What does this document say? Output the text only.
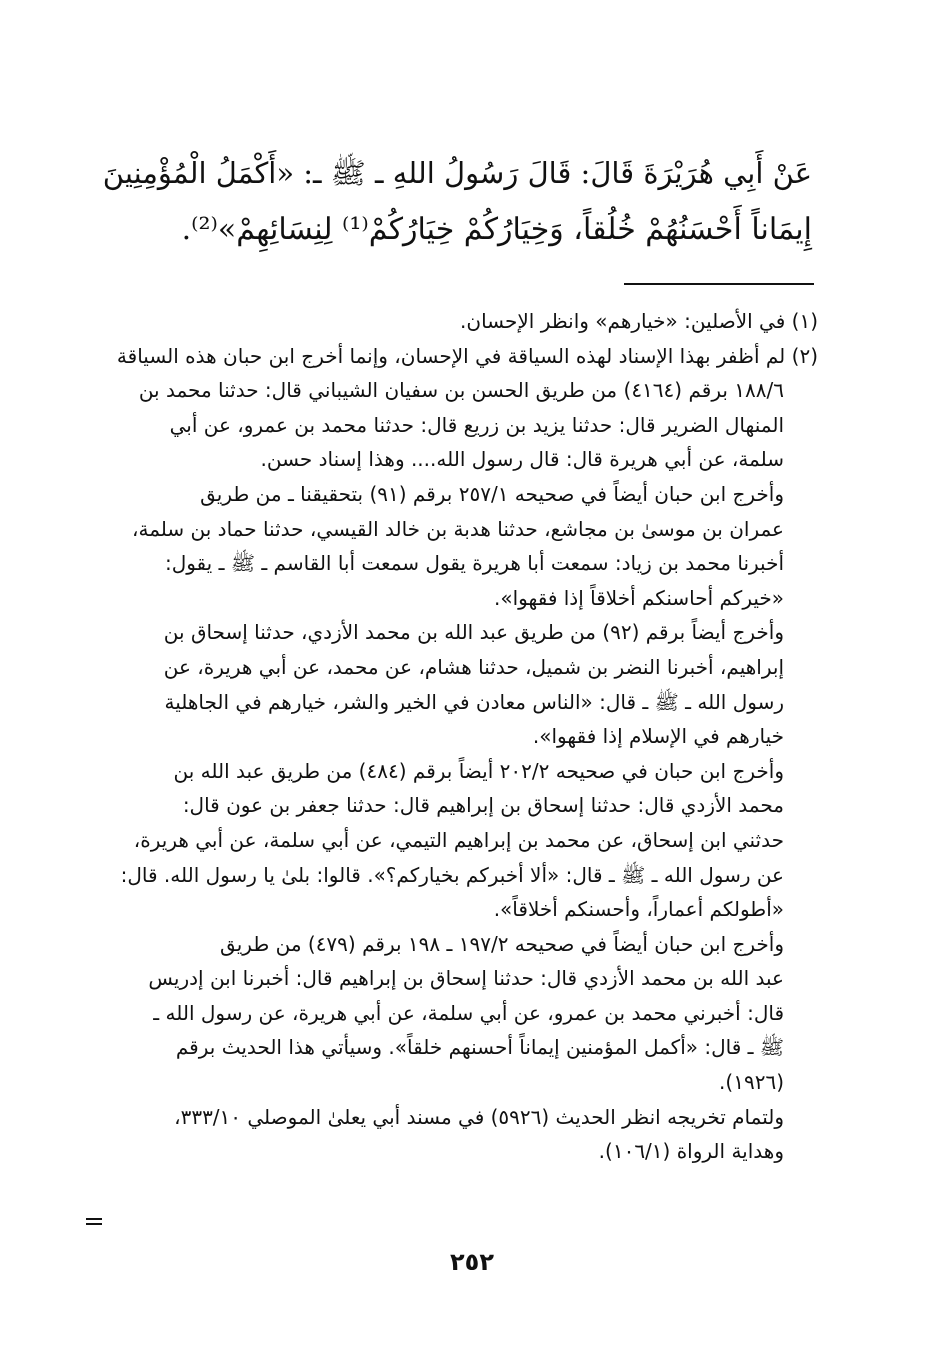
عَنْ أَبِي هُرَيْرَةَ قَالَ: قَالَ رَسُولُ اللهِ ـ ﷺ ـ: «أَكْمَلُ الْمُؤْمِنِينَ
إِيمَاناً أَحْسَنُهُمْ خُلُقاً، وَخِيَارُكُمْ خِيَارُكُمْ⁽¹⁾ لِنِسَائِهِمْ»⁽²⁾.
(١) في الأصلين: «خيارهم» وانظر الإحسان.
(٢) لم أظفر بهذا الإسناد لهذه السياقة في الإحسان، وإنما أخرج ابن حبان هذه السياقة
١٨٨/٦ برقم (٤١٦٤) من طريق الحسن بن سفيان الشيباني قال: حدثنا محمد بن
المنهال الضرير قال: حدثنا يزيد بن زريع قال: حدثنا محمد بن عمرو، عن أبي
سلمة، عن أبي هريرة قال: قال رسول الله.... وهذا إسناد حسن.
وأخرج ابن حبان أيضاً في صحيحه ٢٥٧/١ برقم (٩١) بتحقيقنا ـ من طريق
عمران بن موسىٰ بن مجاشع، حدثنا هدبة بن خالد القيسي، حدثنا حماد بن سلمة،
أخبرنا محمد بن زياد: سمعت أبا هريرة يقول سمعت أبا القاسم ـ ﷺ ـ يقول:
«خيركم أحاسنكم أخلاقاً إذا فقهوا».
وأخرج أيضاً برقم (٩٢) من طريق عبد الله بن محمد الأزدي، حدثنا إسحاق بن
إبراهيم، أخبرنا النضر بن شميل، حدثنا هشام، عن محمد، عن أبي هريرة، عن
رسول الله ـ ﷺ ـ قال: «الناس معادن في الخير والشر، خيارهم في الجاهلية
خيارهم في الإسلام إذا فقهوا».
وأخرج ابن حبان في صحيحه ٢٠٢/٢ أيضاً برقم (٤٨٤) من طريق عبد الله بن
محمد الأزدي قال: حدثنا إسحاق بن إبراهيم قال: حدثنا جعفر بن عون قال:
حدثني ابن إسحاق، عن محمد بن إبراهيم التيمي، عن أبي سلمة، عن أبي هريرة،
عن رسول الله ـ ﷺ ـ قال: «ألا أخبركم بخياركم؟». قالوا: بلىٰ يا رسول الله. قال:
«أطولكم أعماراً، وأحسنكم أخلاقاً».
وأخرج ابن حبان أيضاً في صحيحه ١٩٧/٢ ـ ١٩٨ برقم (٤٧٩) من طريق
عبد الله بن محمد الأزدي قال: حدثنا إسحاق بن إبراهيم قال: أخبرنا ابن إدريس
قال: أخبرني محمد بن عمرو، عن أبي سلمة، عن أبي هريرة، عن رسول الله ـ
ﷺ ـ قال: «أكمل المؤمنين إيماناً أحسنهم خلقاً». وسيأتي هذا الحديث برقم
(١٩٢٦).
ولتمام تخريجه انظر الحديث (٥٩٢٦) في مسند أبي يعلىٰ الموصلي ٣٣٣/١٠،
وهداية الرواة (١٠٦/١).
٢٥٢
